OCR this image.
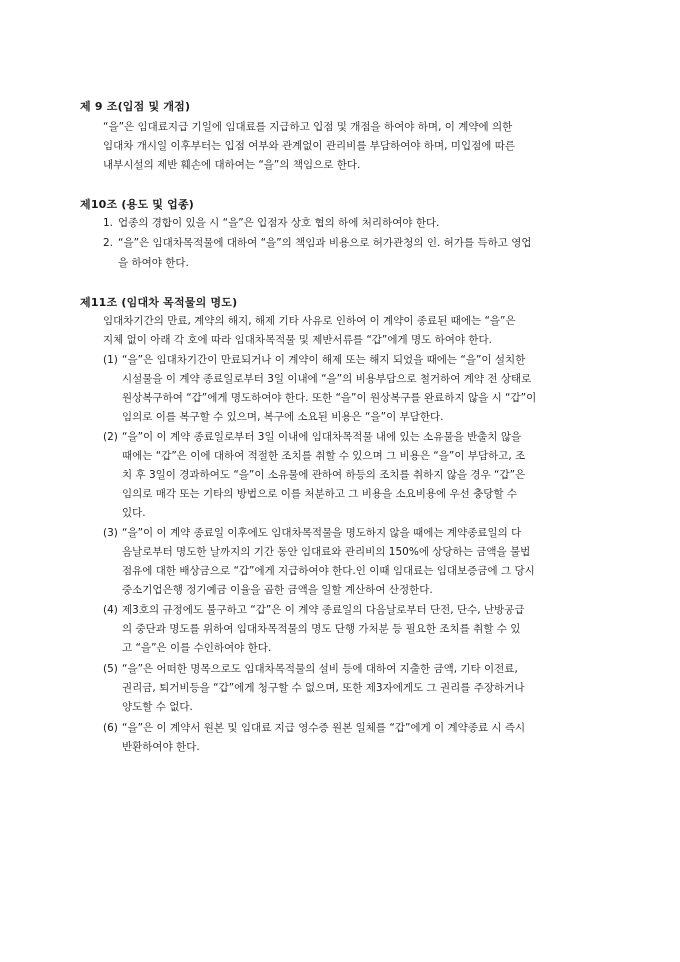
제 9 조(입점 및 개점)
“을”은 임대료지급 기일에 임대료를 지급하고 입점 및 개점을 하여야 하며, 이 계약에 의한
임대차 개시일 이후부터는 입점 여부와 관계없이 관리비를 부담하여야 하며, 미입점에 따른
내부시설의 제반 훼손에 대하여는 “을”의 책임으로 한다.
제10조 (용도 및 업종)
1. 업종의 경합이 있을 시 “을”은 입점자 상호 협의 하에 처리하여야 한다.
2. “을”은 임대차목적물에 대하여 “을”의 책임과 비용으로 허가관청의 인. 허가를 득하고 영업
을 하여야 한다.
제11조 (임대차 목적물의 명도)
임대차기간의 만료, 계약의 해지, 해제 기타 사유로 인하여 이 계약이 종료된 때에는 “을”은
지체 없이 아래 각 호에 따라 임대차목적물 및 제반서류를 “갑”에게 명도 하여야 한다.
(1) “을”은 임대차기간이 만료되거나 이 계약이 해제 또는 해지 되었을 때에는 “을”이 설치한
시설물을 이 계약 종료일로부터 3일 이내에 “을”의 비용부담으로 철거하여 계약 전 상태로
원상복구하여 “갑”에게 명도하여야 한다. 또한 “을”이 원상복구를 완료하지 않을 시 “갑”이
임의로 이를 복구할 수 있으며, 복구에 소요된 비용은 “을”이 부담한다.
(2) “을”이 이 계약 종료일로부터 3일 이내에 임대차목적물 내에 있는 소유물을 반출치 않을
때에는 “갑”은 이에 대하여 적절한 조치를 취할 수 있으며 그 비용은 “을”이 부담하고, 조
치 후 3일이 경과하여도 “을”이 소유물에 관하여 하등의 조치를 취하지 않을 경우 “갑”은
임의로 매각 또는 기타의 방법으로 이를 처분하고 그 비용을 소요비용에 우선 충당할 수
있다.
(3) “을”이 이 계약 종료일 이후에도 임대차목적물을 명도하지 않을 때에는 계약종료일의 다
음날로부터 명도한 날까지의 기간 동안 임대료와 관리비의 150%에 상당하는 금액을 불법
점유에 대한 배상금으로 “갑”에게 지급하여야 한다.인 이때 임대료는 임대보증금에 그 당시
중소기업은행 정기예금 이율을 곱한 금액을 일할 계산하여 산정한다.
(4) 제3호의 규정에도 불구하고 “갑”은 이 계약 종료일의 다음날로부터 단전, 단수, 난방공급
의 중단과 명도를 위하여 임대차목적물의 명도 단행 가처분 등 필요한 조치를 취할 수 있
고 “을”은 이를 수인하여야 한다.
(5) “을”은 어떠한 명목으로도 임대차목적물의 설비 등에 대하여 지출한 금액, 기타 이전료,
권리금, 퇴거비등을 “갑”에게 청구할 수 없으며, 또한 제3자에게도 그 권리를 주장하거나
양도할 수 없다.
(6) “을”은 이 계약서 원본 및 임대료 지급 영수증 원본 일체를 “갑”에게 이 계약종료 시 즉시
반환하여야 한다.
